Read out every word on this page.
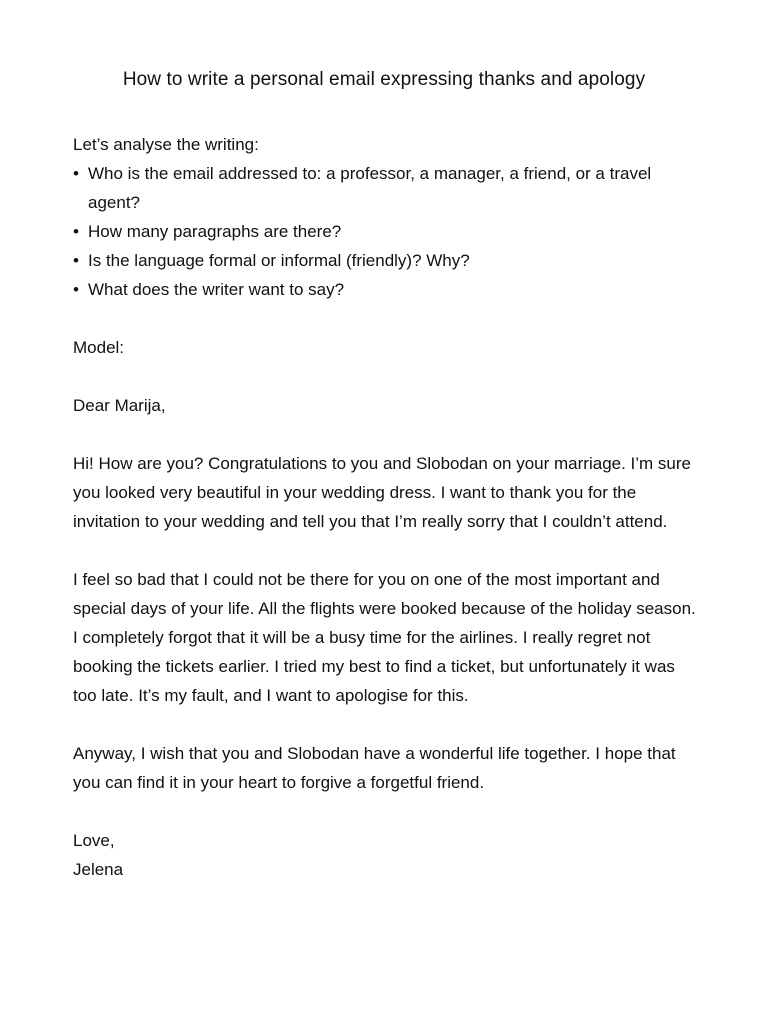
How to write a personal email expressing thanks and apology

Let’s analyse the writing:

• Who is the email addressed to: a professor, a manager, a friend, or a travel agent?
• How many paragraphs are there?
• Is the language formal or informal (friendly)? Why?
• What does the writer want to say?

Model:

Dear Marija,

Hi! How are you? Congratulations to you and Slobodan on your marriage. I’m sure you looked very beautiful in your wedding dress. I want to thank you for the invitation to your wedding and tell you that I’m really sorry that I couldn’t attend.

I feel so bad that I could not be there for you on one of the most important and special days of your life. All the flights were booked because of the holiday season. I completely forgot that it will be a busy time for the airlines. I really regret not booking the tickets earlier. I tried my best to find a ticket, but unfortunately it was too late. It’s my fault, and I want to apologise for this.

Anyway, I wish that you and Slobodan have a wonderful life together. I hope that you can find it in your heart to forgive a forgetful friend.

Love,

Jelena
